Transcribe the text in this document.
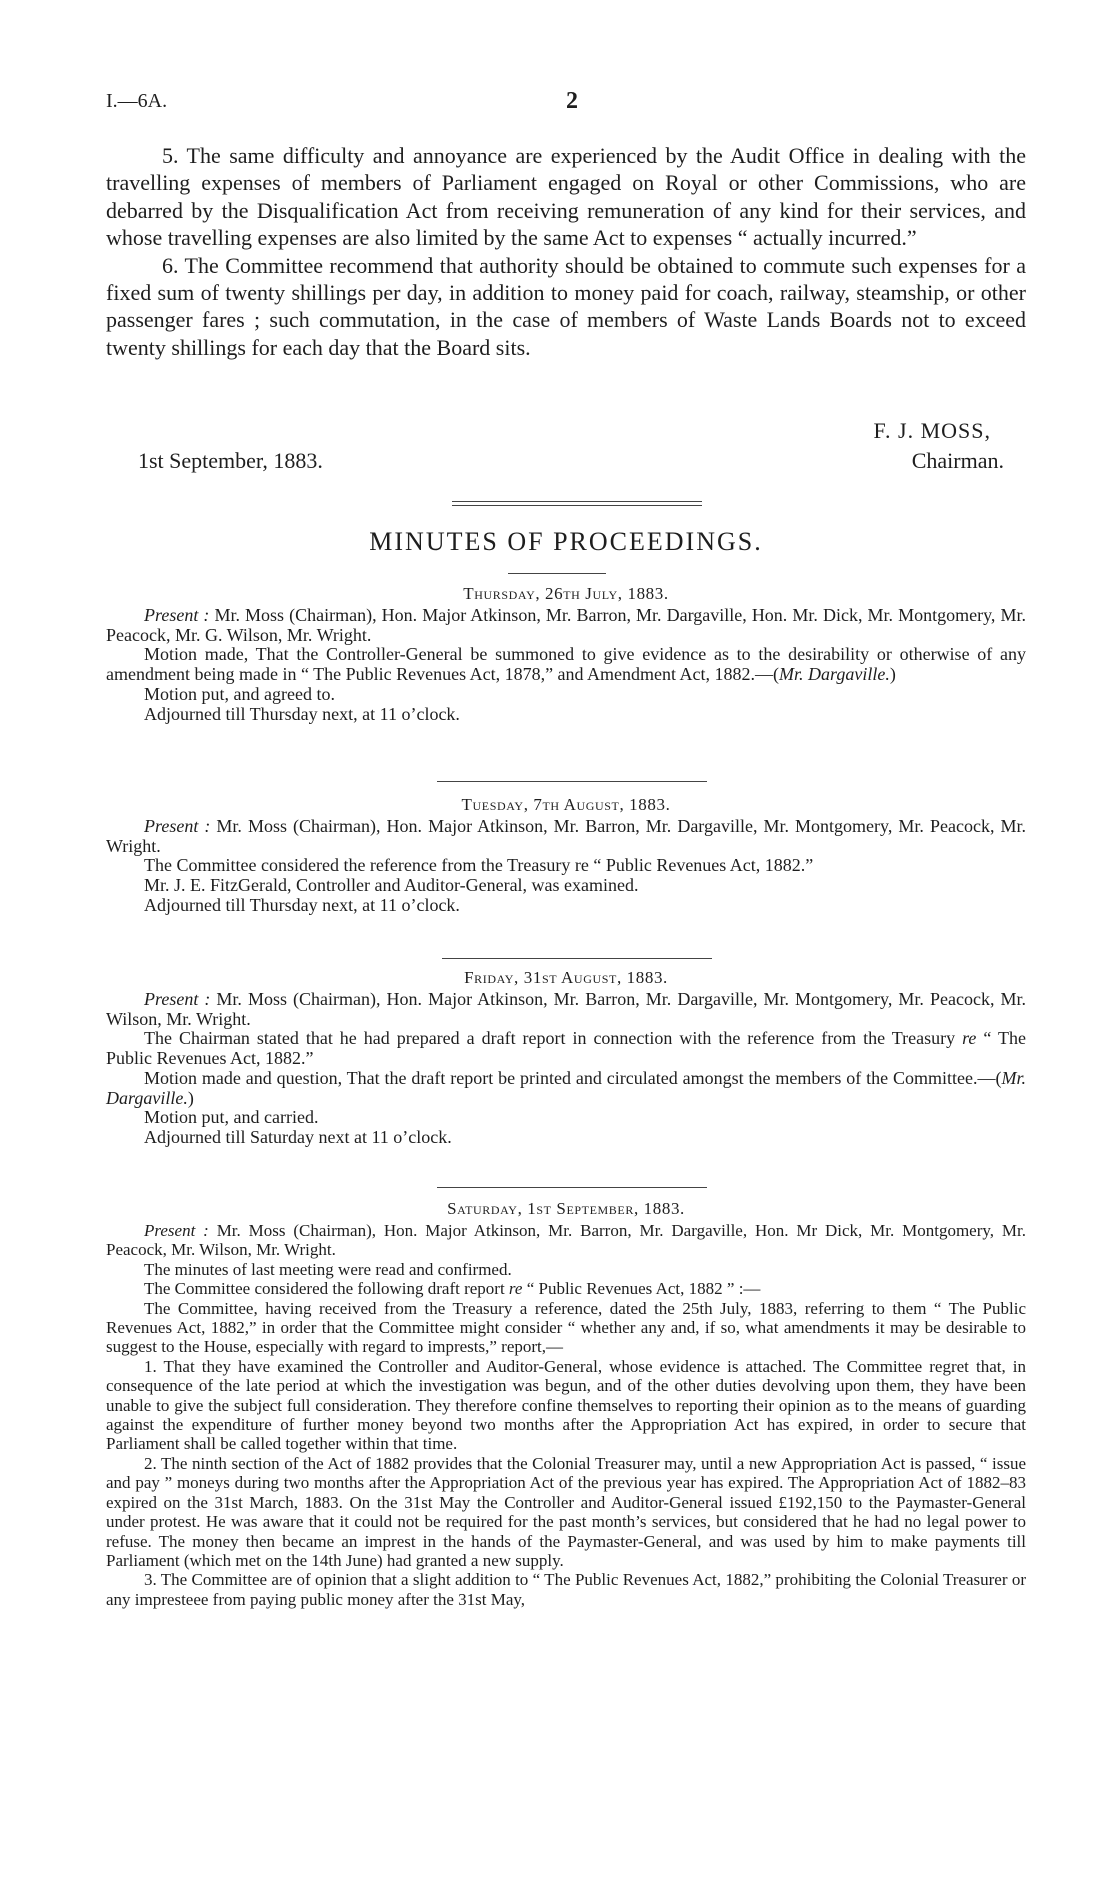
I.—6A.	2

5. The same difficulty and annoyance are experienced by the Audit Office in dealing with the travelling expenses of members of Parliament engaged on Royal or other Commissions, who are debarred by the Disqualification Act from receiving remuneration of any kind for their services, and whose travelling expenses are also limited by the same Act to expenses “ actually incurred.”

6. The Committee recommend that authority should be obtained to commute such expenses for a fixed sum of twenty shillings per day, in addition to money paid for coach, railway, steamship, or other passenger fares ; such commutation, in the case of members of Waste Lands Boards not to exceed twenty shillings for each day that the Board sits.

F. J. MOSS,
1st September, 1883.	Chairman.
MINUTES OF PROCEEDINGS.
Thursday, 26th July, 1883.

Present : Mr. Moss (Chairman), Hon. Major Atkinson, Mr. Barron, Mr. Dargaville, Hon. Mr. Dick, Mr. Montgomery, Mr. Peacock, Mr. G. Wilson, Mr. Wright.

Motion made, That the Controller-General be summoned to give evidence as to the desirability or otherwise of any amendment being made in “ The Public Revenues Act, 1878,” and Amendment Act, 1882.—(Mr. Dargaville.)

Motion put, and agreed to.

Adjourned till Thursday next, at 11 o’clock.

Tuesday, 7th August, 1883.

Present : Mr. Moss (Chairman), Hon. Major Atkinson, Mr. Barron, Mr. Dargaville, Mr. Montgomery, Mr. Peacock, Mr. Wright.

The Committee considered the reference from the Treasury re “ Public Revenues Act, 1882.”

Mr. J. E. FitzGerald, Controller and Auditor-General, was examined.

Adjourned till Thursday next, at 11 o’clock.

Friday, 31st August, 1883.

Present : Mr. Moss (Chairman), Hon. Major Atkinson, Mr. Barron, Mr. Dargaville, Mr. Montgomery, Mr. Peacock, Mr. Wilson, Mr. Wright.

The Chairman stated that he had prepared a draft report in connection with the reference from the Treasury re “ The Public Revenues Act, 1882.”

Motion made and question, That the draft report be printed and circulated amongst the members of the Committee.—(Mr. Dargaville.)

Motion put, and carried.

Adjourned till Saturday next at 11 o’clock.

Saturday, 1st September, 1883.

Present : Mr. Moss (Chairman), Hon. Major Atkinson, Mr. Barron, Mr. Dargaville, Hon. Mr Dick, Mr. Montgomery, Mr. Peacock, Mr. Wilson, Mr. Wright.

The minutes of last meeting were read and confirmed.

The Committee considered the following draft report re “ Public Revenues Act, 1882 ” :—

The Committee, having received from the Treasury a reference, dated the 25th July, 1883, referring to them “ The Public Revenues Act, 1882,” in order that the Committee might consider “ whether any and, if so, what amendments it may be desirable to suggest to the House, especially with regard to imprests,” report,—

1. That they have examined the Controller and Auditor-General, whose evidence is attached. The Committee regret that, in consequence of the late period at which the investigation was begun, and of the other duties devolving upon them, they have been unable to give the subject full consideration. They therefore confine themselves to reporting their opinion as to the means of guarding against the expenditure of further money beyond two months after the Appropriation Act has expired, in order to secure that Parliament shall be called together within that time.

2. The ninth section of the Act of 1882 provides that the Colonial Treasurer may, until a new Appropriation Act is passed, “ issue and pay ” moneys during two months after the Appropriation Act of the previous year has expired. The Appropriation Act of 1882–83 expired on the 31st March, 1883. On the 31st May the Controller and Auditor-General issued £192,150 to the Paymaster-General under protest. He was aware that it could not be required for the past month’s services, but considered that he had no legal power to refuse. The money then became an imprest in the hands of the Paymaster-General, and was used by him to make payments till Parliament (which met on the 14th June) had granted a new supply.

3. The Committee are of opinion that a slight addition to “ The Public Revenues Act, 1882,” prohibiting the Colonial Treasurer or any impresteee from paying public money after the 31st May,
